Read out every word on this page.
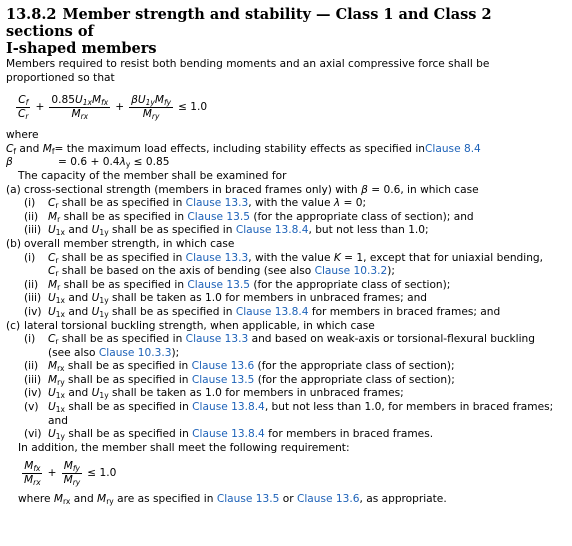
13.8.2 Member strength and stability — Class 1 and Class 2 sections of
I-shaped members

Members required to resist both bending moments and an axial compressive force shall be proportioned so that

$\frac{C_f}{C_r} + \frac{0.85U_{1x}M_{fx}}{M_{rx}} + \frac{\beta U_{1y}M_{fy}}{M_{ry}} \le 1.0$

where

$C_f$ and $M_f$ = the maximum load effects, including stability effects as specified in Clause 8.4
β	= $0.6 + 0.4\lambda_y \le 0.85$

The capacity of the member shall be examined for

(a) cross-sectional strength (members in braced frames only) with β = 0.6, in which case
(i)	$C_r$ shall be as specified in Clause 13.3, with the value λ = 0;
(ii) $M_r$ shall be as specified in Clause 13.5 (for the appropriate class of section); and
(iii) $U_{1x}$ and $U_{1y}$ shall be as specified in Clause 13.8.4, but not less than 1.0;
(b) overall member strength, in which case
(i)	$C_r$ shall be as specified in Clause 13.3, with the value K = 1, except that for uniaxial bending, $C_r$ shall be based on the axis of bending (see also Clause 10.3.2);
(ii) $M_r$ shall be as specified in Clause 13.5 (for the appropriate class of section);
(iii) $U_{1x}$ and $U_{1y}$ shall be taken as 1.0 for members in unbraced frames; and
(iv) $U_{1x}$ and $U_{1y}$ shall be as specified in Clause 13.8.4 for members in braced frames; and
(c) lateral torsional buckling strength, when applicable, in which case
(i)	$C_r$ shall be as specified in Clause 13.3 and based on weak-axis or torsional-flexural buckling (see also Clause 10.3.3);
(ii) $M_{rx}$ shall be as specified in Clause 13.6 (for the appropriate class of section);
(iii) $M_{ry}$ shall be as specified in Clause 13.5 (for the appropriate class of section);
(iv) $U_{1x}$ and $U_{1y}$ shall be taken as 1.0 for members in unbraced frames;
(v) $U_{1x}$ shall be as specified in Clause 13.8.4, but not less than 1.0, for members in braced frames; and
(vi) $U_{1y}$ shall be as specified in Clause 13.8.4 for members in braced frames.

In addition, the member shall meet the following requirement:

$\frac{M_{fx}}{M_{rx}} + \frac{M_{fy}}{M_{ry}} \le 1.0$

where $M_{rx}$ and $M_{ry}$ are as specified in Clause 13.5 or Clause 13.6, as appropriate.
